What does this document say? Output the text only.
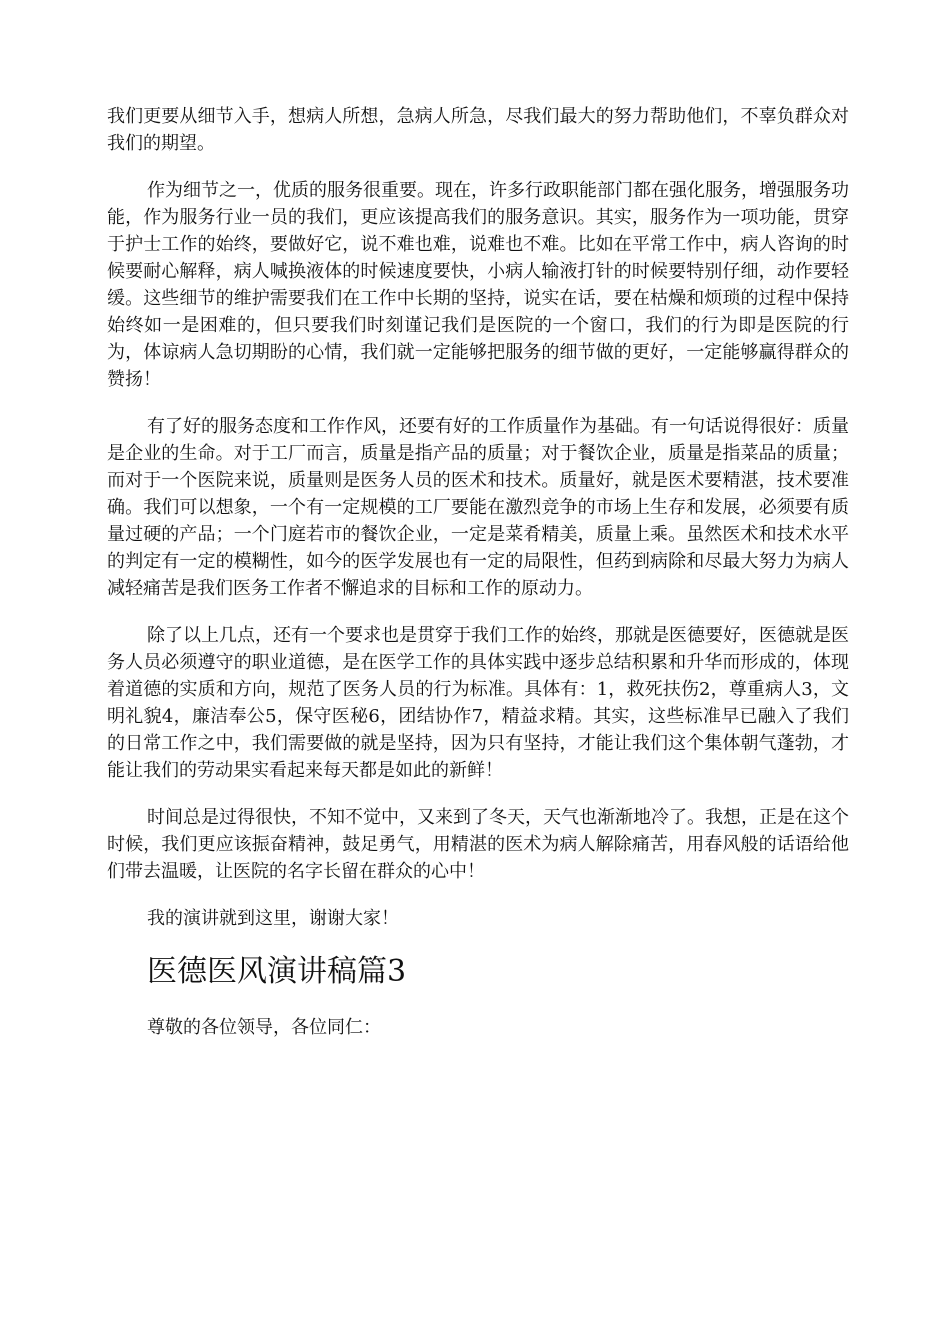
我们更要从细节入手，想病人所想，急病人所急，尽我们最大的努力帮助他们，不辜负群众对我们的期望。

作为细节之一，优质的服务很重要。现在，许多行政职能部门都在强化服务，增强服务功能，作为服务行业一员的我们，更应该提高我们的服务意识。其实，服务作为一项功能，贯穿于护士工作的始终，要做好它，说不难也难，说难也不难。比如在平常工作中，病人咨询的时候要耐心解释，病人喊换液体的时候速度要快，小病人输液打针的时候要特别仔细，动作要轻缓。这些细节的维护需要我们在工作中长期的坚持，说实在话，要在枯燥和烦琐的过程中保持始终如一是困难的，但只要我们时刻谨记我们是医院的一个窗口，我们的行为即是医院的行为，体谅病人急切期盼的心情，我们就一定能够把服务的细节做的更好，一定能够赢得群众的赞扬！

有了好的服务态度和工作作风，还要有好的工作质量作为基础。有一句话说得很好：质量是企业的生命。对于工厂而言，质量是指产品的质量；对于餐饮企业，质量是指菜品的质量；而对于一个医院来说，质量则是医务人员的医术和技术。质量好，就是医术要精湛，技术要准确。我们可以想象，一个有一定规模的工厂要能在激烈竞争的市场上生存和发展，必须要有质量过硬的产品；一个门庭若市的餐饮企业，一定是菜肴精美，质量上乘。虽然医术和技术水平的判定有一定的模糊性，如今的医学发展也有一定的局限性，但药到病除和尽最大努力为病人减轻痛苦是我们医务工作者不懈追求的目标和工作的原动力。

除了以上几点，还有一个要求也是贯穿于我们工作的始终，那就是医德要好，医德就是医务人员必须遵守的职业道德，是在医学工作的具体实践中逐步总结积累和升华而形成的，体现着道德的实质和方向，规范了医务人员的行为标准。具体有：1，救死扶伤2，尊重病人3，文明礼貌4，廉洁奉公5，保守医秘6，团结协作7，精益求精。其实，这些标准早已融入了我们的日常工作之中，我们需要做的就是坚持，因为只有坚持，才能让我们这个集体朝气蓬勃，才能让我们的劳动果实看起来每天都是如此的新鲜！

时间总是过得很快，不知不觉中，又来到了冬天，天气也渐渐地冷了。我想，正是在这个时候，我们更应该振奋精神，鼓足勇气，用精湛的医术为病人解除痛苦，用春风般的话语给他们带去温暖，让医院的名字长留在群众的心中！

我的演讲就到这里，谢谢大家！

医德医风演讲稿篇3

尊敬的各位领导，各位同仁：
